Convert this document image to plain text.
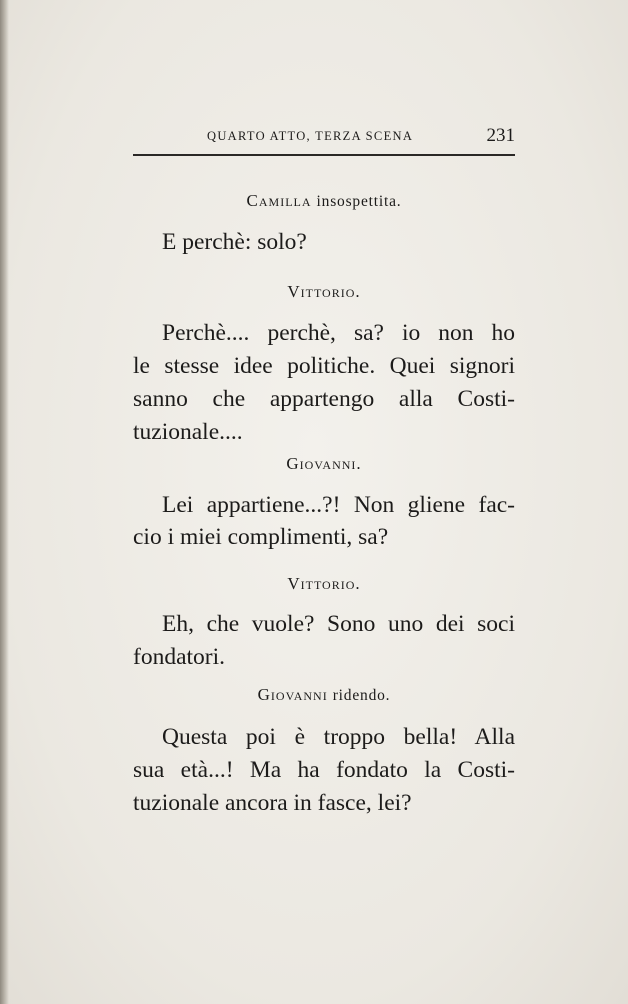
QUARTO ATTO, TERZA SCENA	231
Camilla insospettita.
E perchè: solo?
Vittorio.
Perchè.... perchè, sa? io non ho
le stesse idee politiche. Quei signori
sanno che appartengo alla Costi-
tuzionale....
Giovanni.
Lei appartiene...?! Non gliene fac-
cio i miei complimenti, sa?
Vittorio.
Eh, che vuole? Sono uno dei soci
fondatori.
Giovanni ridendo.
Questa poi è troppo bella! Alla
sua età...! Ma ha fondato la Costi-
tuzionale ancora in fasce, lei?
